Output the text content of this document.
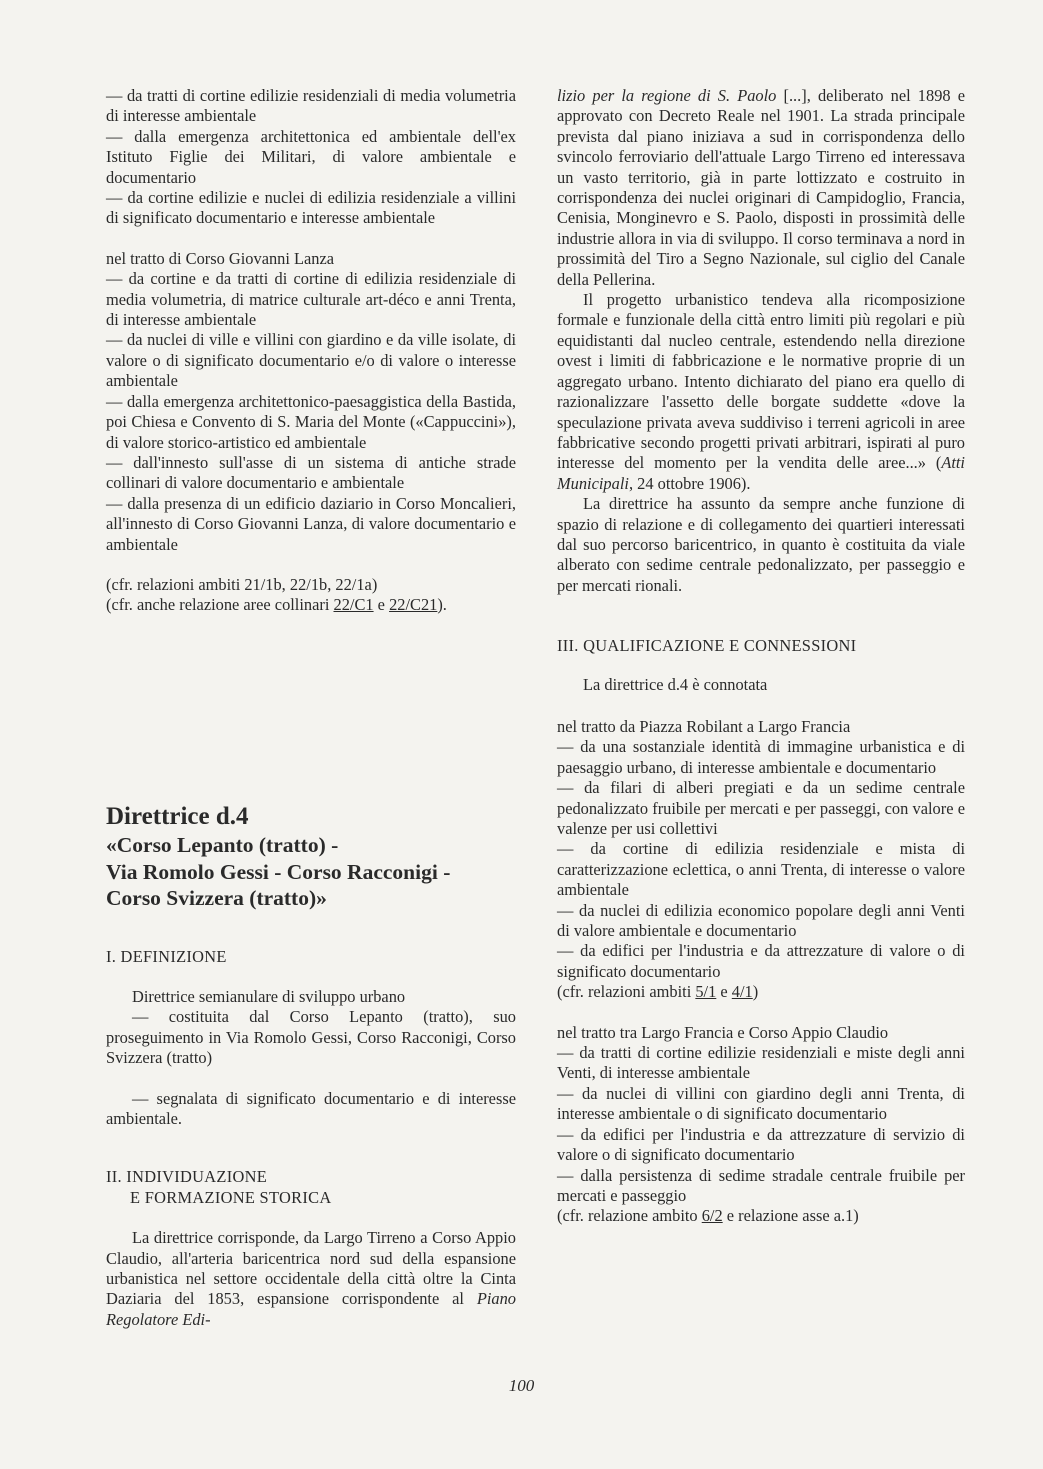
— da tratti di cortine edilizie residenziali di media volumetria di interesse ambientale

— dalla emergenza architettonica ed ambientale dell'ex Istituto Figlie dei Militari, di valore ambientale e documentario

— da cortine edilizie e nuclei di edilizia residenziale a villini di significato documentario e interesse ambientale

nel tratto di Corso Giovanni Lanza

— da cortine e da tratti di cortine di edilizia residenziale di media volumetria, di matrice culturale art-déco e anni Trenta, di interesse ambientale

— da nuclei di ville e villini con giardino e da ville isolate, di valore o di significato documentario e/o di valore o interesse ambientale

— dalla emergenza architettonico-paesaggistica della Bastida, poi Chiesa e Convento di S. Maria del Monte («Cappuccini»), di valore storico-artistico ed ambientale

— dall'innesto sull'asse di un sistema di antiche strade collinari di valore documentario e ambientale

— dalla presenza di un edificio daziario in Corso Moncalieri, all'innesto di Corso Giovanni Lanza, di valore documentario e ambientale

(cfr. relazioni ambiti 21/1b, 22/1b, 22/1a)

(cfr. anche relazione aree collinari 22/C1 e 22/C21).

Direttrice d.4
«Corso Lepanto (tratto) -
Via Romolo Gessi - Corso Racconigi -
Corso Svizzera (tratto)»

I. DEFINIZIONE

Direttrice semianulare di sviluppo urbano

— costituita dal Corso Lepanto (tratto), suo proseguimento in Via Romolo Gessi, Corso Racconigi, Corso Svizzera (tratto)

— segnalata di significato documentario e di interesse ambientale.

II. INDIVIDUAZIONE

E FORMAZIONE STORICA

La direttrice corrisponde, da Largo Tirreno a Corso Appio Claudio, all'arteria baricentrica nord sud della espansione urbanistica nel settore occidentale della città oltre la Cinta Daziaria del 1853, espansione corrispondente al Piano Regolatore Edi-

lizio per la regione di S. Paolo [...], deliberato nel 1898 e approvato con Decreto Reale nel 1901. La strada principale prevista dal piano iniziava a sud in corrispondenza dello svincolo ferroviario dell'attuale Largo Tirreno ed interessava un vasto territorio, già in parte lottizzato e costruito in corrispondenza dei nuclei originari di Campidoglio, Francia, Cenisia, Monginevro e S. Paolo, disposti in prossimità delle industrie allora in via di sviluppo. Il corso terminava a nord in prossimità del Tiro a Segno Nazionale, sul ciglio del Canale della Pellerina.

Il progetto urbanistico tendeva alla ricomposizione formale e funzionale della città entro limiti più regolari e più equidistanti dal nucleo centrale, estendendo nella direzione ovest i limiti di fabbricazione e le normative proprie di un aggregato urbano. Intento dichiarato del piano era quello di razionalizzare l'assetto delle borgate suddette «dove la speculazione privata aveva suddiviso i terreni agricoli in aree fabbricative secondo progetti privati arbitrari, ispirati al puro interesse del momento per la vendita delle aree...» (Atti Municipali, 24 ottobre 1906).

La direttrice ha assunto da sempre anche funzione di spazio di relazione e di collegamento dei quartieri interessati dal suo percorso baricentrico, in quanto è costituita da viale alberato con sedime centrale pedonalizzato, per passeggio e per mercati rionali.

III. QUALIFICAZIONE E CONNESSIONI

La direttrice d.4 è connotata

nel tratto da Piazza Robilant a Largo Francia

— da una sostanziale identità di immagine urbanistica e di paesaggio urbano, di interesse ambientale e documentario

— da filari di alberi pregiati e da un sedime centrale pedonalizzato fruibile per mercati e per passeggi, con valore e valenze per usi collettivi

— da cortine di edilizia residenziale e mista di caratterizzazione eclettica, o anni Trenta, di interesse o valore ambientale

— da nuclei di edilizia economico popolare degli anni Venti di valore ambientale e documentario

— da edifici per l'industria e da attrezzature di valore o di significato documentario

(cfr. relazioni ambiti 5/1 e 4/1)

nel tratto tra Largo Francia e Corso Appio Claudio

— da tratti di cortine edilizie residenziali e miste degli anni Venti, di interesse ambientale

— da nuclei di villini con giardino degli anni Trenta, di interesse ambientale o di significato documentario

— da edifici per l'industria e da attrezzature di servizio di valore o di significato documentario

— dalla persistenza di sedime stradale centrale fruibile per mercati e passeggio

(cfr. relazione ambito 6/2 e relazione asse a.1)

100
